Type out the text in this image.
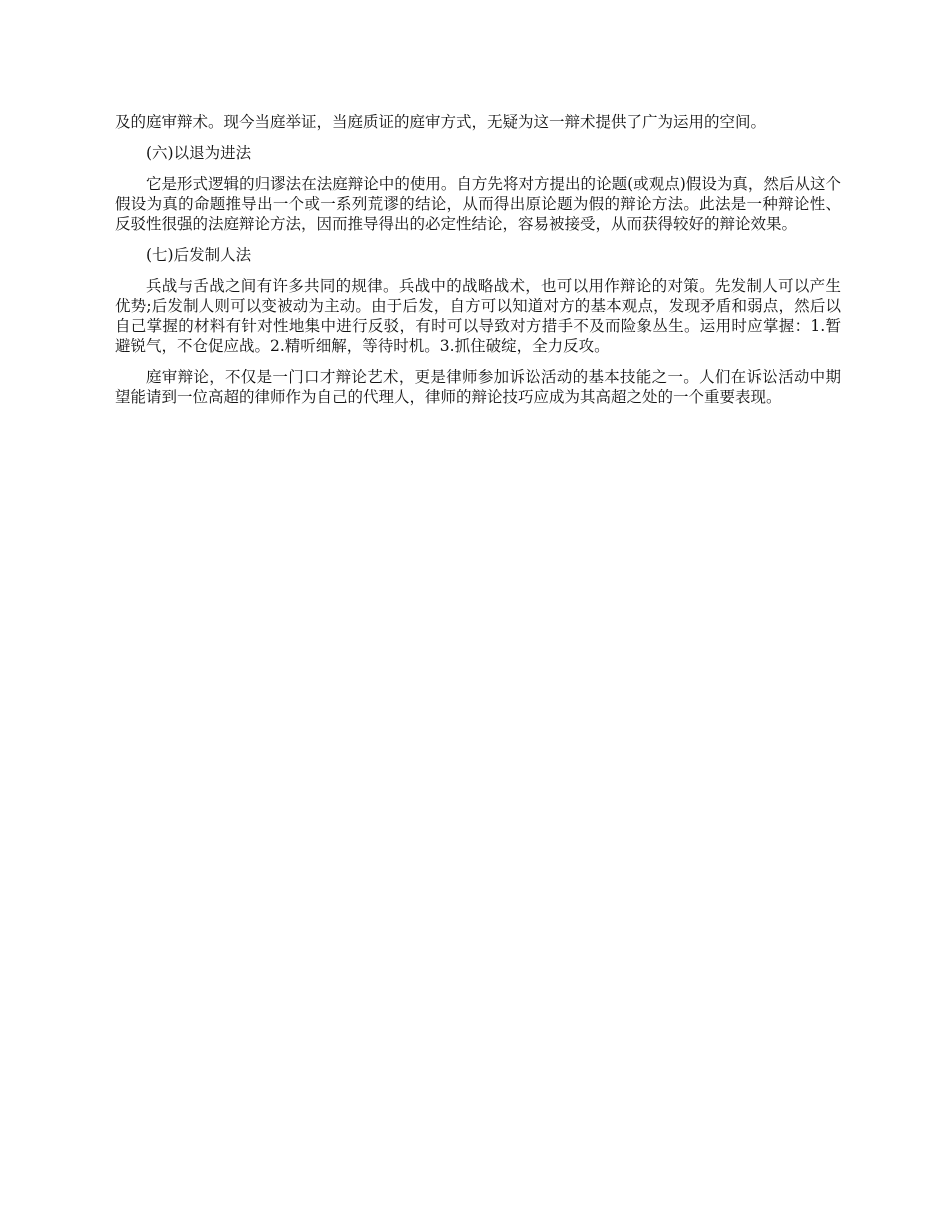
及的庭审辩术。现今当庭举证，当庭质证的庭审方式，无疑为这一辩术提供了广为运用的空间。

(六)以退为进法

它是形式逻辑的归谬法在法庭辩论中的使用。自方先将对方提出的论题(或观点)假设为真，然后从这个假设为真的命题推导出一个或一系列荒谬的结论，从而得出原论题为假的辩论方法。此法是一种辩论性、反驳性很强的法庭辩论方法，因而推导得出的必定性结论，容易被接受，从而获得较好的辩论效果。

(七)后发制人法

兵战与舌战之间有许多共同的规律。兵战中的战略战术，也可以用作辩论的对策。先发制人可以产生优势;后发制人则可以变被动为主动。由于后发，自方可以知道对方的基本观点，发现矛盾和弱点，然后以自己掌握的材料有针对性地集中进行反驳，有时可以导致对方措手不及而险象丛生。运用时应掌握：1.暂避锐气，不仓促应战。2.精听细解，等待时机。3.抓住破绽，全力反攻。

庭审辩论，不仅是一门口才辩论艺术，更是律师参加诉讼活动的基本技能之一。人们在诉讼活动中期望能请到一位高超的律师作为自己的代理人，律师的辩论技巧应成为其高超之处的一个重要表现。
